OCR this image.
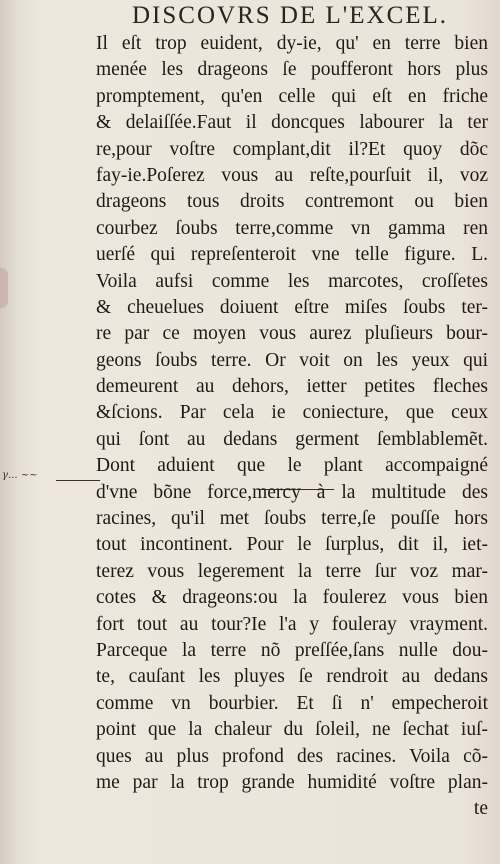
DISCOVRS DE L'EXCEL.
γ... ~~
Il eſt trop euident, dy-ie, qu' en terre bien
menée les drageons ſe poufferont hors plus
promptement, qu'en celle qui eſt en friche
& delaiſſée.Faut il doncques labourer la ter
re,pour voſtre complant,dit il?Et quoy dõc
fay-ie.Poſerez vous au reſte,pourſuit il, voz
drageons tous droits contremont ou bien
courbez ſoubs terre,comme vn gamma ren
uerſé qui repreſenteroit vne telle figure. L.
Voila aufsi comme les marcotes, croſſetes
& cheuelues doiuent eſtre miſes ſoubs ter-
re par ce moyen vous aurez pluſieurs bour-
geons ſoubs terre. Or voit on les yeux qui
demeurent au dehors, ietter petites fleches
&ſcions. Par cela ie coniecture, que ceux
qui ſont au dedans germent ſemblablemẽt.
Dont aduient que le plant accompaigné
d'vne bõne force,mercy à la multitude des
racines, qu'il met ſoubs terre,ſe pouſſe hors
tout incontinent. Pour le ſurplus, dit il, iet-
terez vous legerement la terre ſur voz mar-
cotes & drageons:ou la foulerez vous bien
fort tout au tour?Ie l'a y fouleray vrayment.
Parceque la terre nõ preſſée,ſans nulle dou-
te, cauſant les pluyes ſe rendroit au dedans
comme vn bourbier. Et ſi n' empecheroit
point que la chaleur du ſoleil, ne ſechat iuſ-
ques au plus profond des racines. Voila cõ-
me par la trop grande humidité voſtre plan-
te
